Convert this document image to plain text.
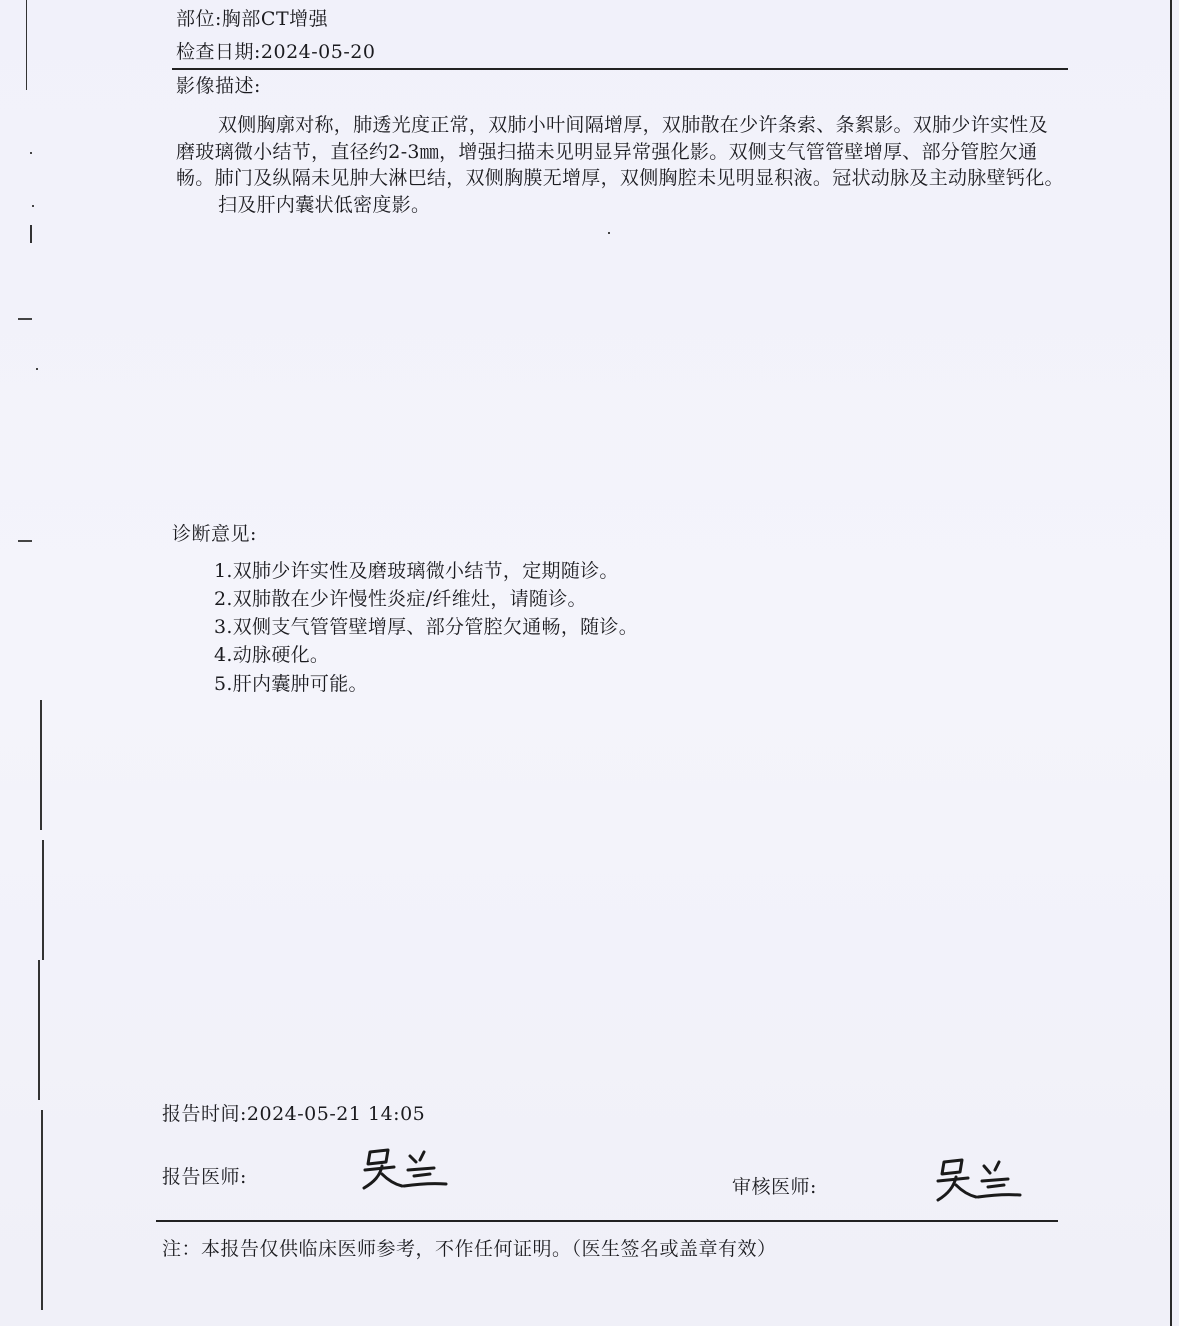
部位:胸部CT增强
检查日期:2024-05-20
影像描述:
双侧胸廓对称，肺透光度正常，双肺小叶间隔增厚，双肺散在少许条索、条絮影。双肺少许实性及磨玻璃微小结节，直径约2-3㎜，增强扫描未见明显异常强化影。双侧支气管管壁增厚、部分管腔欠通畅。肺门及纵隔未见肿大淋巴结，双侧胸膜无增厚，双侧胸腔未见明显积液。冠状动脉及主动脉壁钙化。
扫及肝内囊状低密度影。
诊断意见:
1.双肺少许实性及磨玻璃微小结节，定期随诊。
2.双肺散在少许慢性炎症/纤维灶，请随诊。
3.双侧支气管管壁增厚、部分管腔欠通畅，随诊。
4.动脉硬化。
5.肝内囊肿可能。
报告时间:2024-05-21 14:05
报告医师:	审核医师:
注：本报告仅供临床医师参考，不作任何证明。（医生签名或盖章有效）
